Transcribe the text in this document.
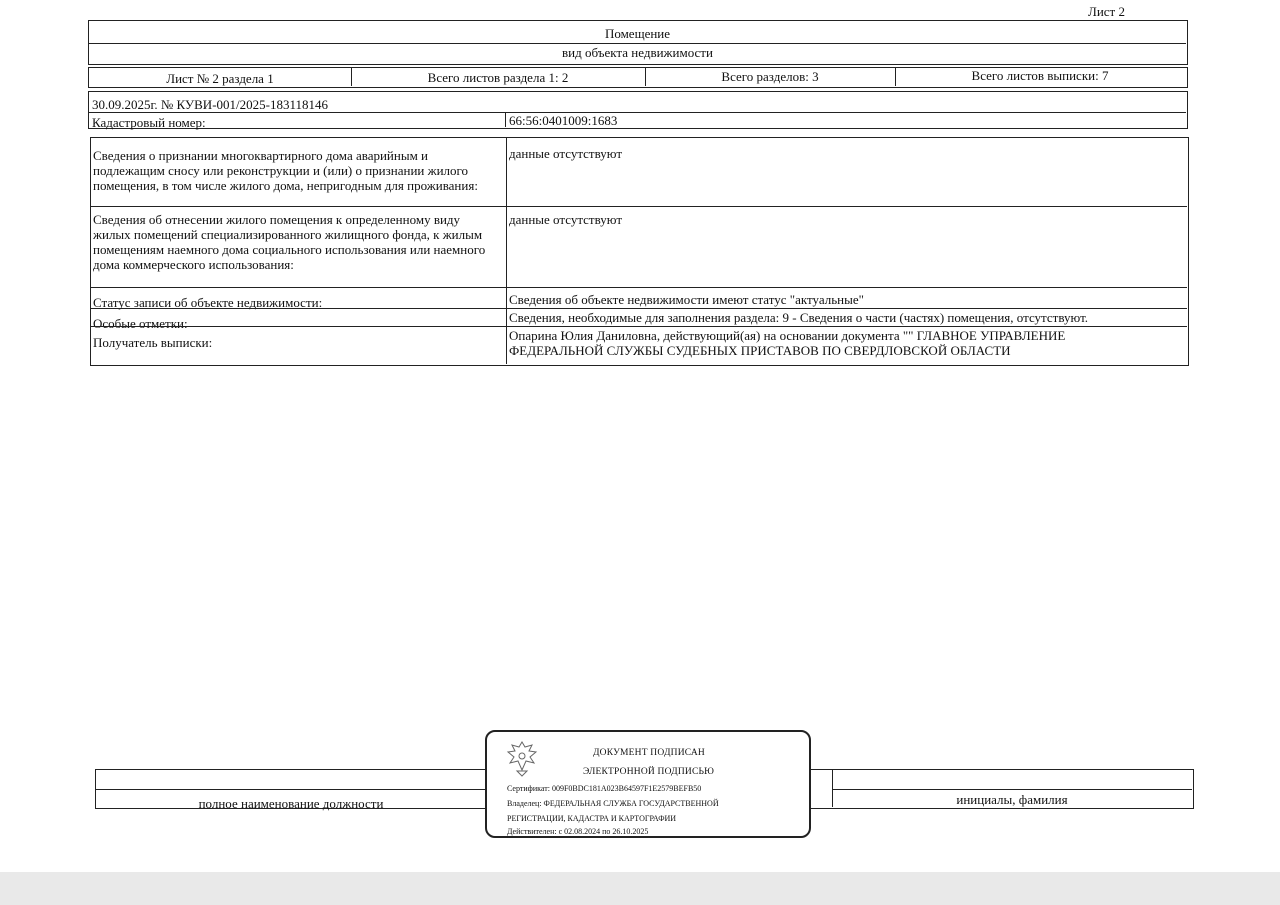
Лист 2
Помещение
вид объекта недвижимости
Лист № 2 раздела 1	Всего листов раздела 1: 2	Всего разделов: 3	Всего листов выписки: 7
30.09.2025г. № КУВИ-001/2025-183118146
Кадастровый номер:	66:56:0401009:1683
Сведения о признании многоквартирного дома аварийным и подлежащим сносу или реконструкции и (или) о признании жилого помещения, в том числе жилого дома, непригодным для проживания:
данные отсутствуют
Сведения об отнесении жилого помещения к определенному виду жилых помещений специализированного жилищного фонда, к жилым помещениям наемного дома социального использования или наемного дома коммерческого использования:
данные отсутствуют
Статус записи об объекте недвижимости:	Сведения об объекте недвижимости имеют статус "актуальные"
Особые отметки:	Сведения, необходимые для заполнения раздела: 9 - Сведения о части (частях) помещения, отсутствуют.
Получатель выписки:	Опарина Юлия Даниловна, действующий(ая) на основании документа "" ГЛАВНОЕ УПРАВЛЕНИЕ ФЕДЕРАЛЬНОЙ СЛУЖБЫ СУДЕБНЫХ ПРИСТАВОВ ПО СВЕРДЛОВСКОЙ ОБЛАСТИ
полное наименование должности	инициалы, фамилия
ДОКУМЕНТ ПОДПИСАН
ЭЛЕКТРОННОЙ ПОДПИСЬЮ
Сертификат: 009F0BDC181A023B64597F1E2579BEFB50
Владелец: ФЕДЕРАЛЬНАЯ СЛУЖБА ГОСУДАРСТВЕННОЙ
РЕГИСТРАЦИИ, КАДАСТРА И КАРТОГРАФИИ
Действителен: с 02.08.2024 по 26.10.2025
